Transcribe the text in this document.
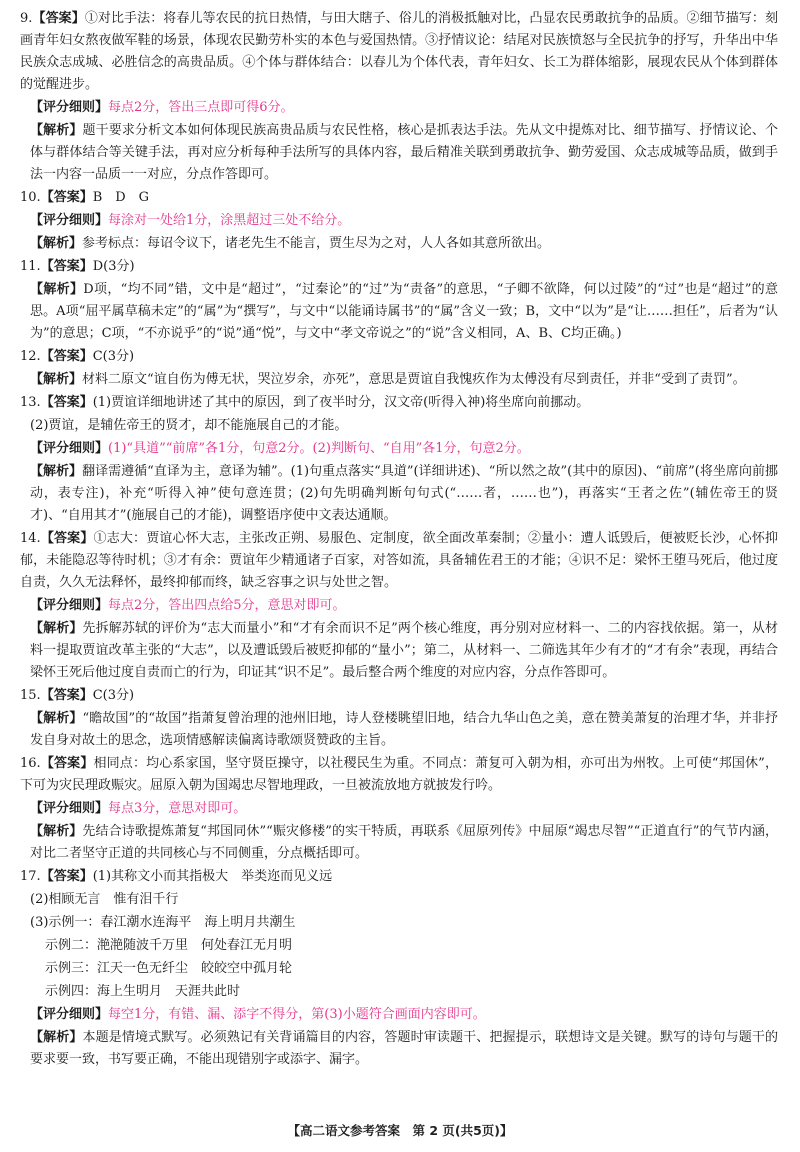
9.【答案】①对比手法：将春儿等农民的抗日热情，与田大瞎子、俗儿的消极抵触对比，凸显农民勇敢抗争的品质。②细节描写：刻画青年妇女熬夜做军鞋的场景，体现农民勤劳朴实的本色与爱国热情。③抒情议论：结尾对民族愤怒与全民抗争的抒写，升华出中华民族众志成城、必胜信念的高贵品质。④个体与群体结合：以春儿为个体代表，青年妇女、长工为群体缩影，展现农民从个体到群体的觉醒进步。

【评分细则】每点2分，答出三点即可得6分。

【解析】题干要求分析文本如何体现民族高贵品质与农民性格，核心是抓表达手法。先从文中提炼对比、细节描写、抒情议论、个体与群体结合等关键手法，再对应分析每种手法所写的具体内容，最后精准关联到勇敢抗争、勤劳爱国、众志成城等品质，做到手法一内容一品质一一对应，分点作答即可。

10.【答案】B　D　G

【评分细则】每涂对一处给1分，涂黑超过三处不给分。

【解析】参考标点：每诏令议下，诸老先生不能言，贾生尽为之对，人人各如其意所欲出。

11.【答案】D(3分)

【解析】D项，“均不同”错，文中是“超过”，“过秦论”的“过”为“责备”的意思，“子卿不欲降，何以过陵”的“过”也是“超过”的意思。A项“屈平属草稿未定”的“属”为“撰写”，与文中“以能诵诗属书”的“属”含义一致；B，文中“以为”是“让……担任”，后者为“认为”的意思；C项，“不亦说乎”的“说”通“悦”，与文中“孝文帝说之”的“说”含义相同，A、B、C均正确。)

12.【答案】C(3分)

【解析】材料二原文“谊自伤为傅无状，哭泣岁余，亦死”，意思是贾谊自我愧疚作为太傅没有尽到责任，并非“受到了责罚”。

13.【答案】(1)贾谊详细地讲述了其中的原因，到了夜半时分，汉文帝(听得入神)将坐席向前挪动。

(2)贾谊，是辅佐帝王的贤才，却不能施展自己的才能。

【评分细则】(1)“具道”“前席”各1分，句意2分。(2)判断句、“自用”各1分，句意2分。

【解析】翻译需遵循“直译为主，意译为辅”。(1)句重点落实“具道”(详细讲述)、“所以然之故”(其中的原因)、“前席”(将坐席向前挪动，表专注)，补充“听得入神”使句意连贯；(2)句先明确判断句句式(“……者，……也”)，再落实“王者之佐”(辅佐帝王的贤才)、“自用其才”(施展自己的才能)，调整语序使中文表达通顺。

14.【答案】①志大：贾谊心怀大志，主张改正朔、易服色、定制度，欲全面改革秦制；②量小：遭人诋毁后，便被贬长沙，心怀抑郁，未能隐忍等待时机；③才有余：贾谊年少精通诸子百家，对答如流，具备辅佐君王的才能；④识不足：梁怀王堕马死后，他过度自责，久久无法释怀，最终抑郁而终，缺乏容事之识与处世之智。

【评分细则】每点2分，答出四点给5分，意思对即可。

【解析】先拆解苏轼的评价为“志大而量小”和“才有余而识不足”两个核心维度，再分别对应材料一、二的内容找依据。第一，从材料一提取贾谊改革主张的“大志”，以及遭诋毁后被贬抑郁的“量小”；第二，从材料一、二筛选其年少有才的“才有余”表现，再结合梁怀王死后他过度自责而亡的行为，印证其“识不足”。最后整合两个维度的对应内容，分点作答即可。

15.【答案】C(3分)

【解析】“瞻故国”的“故国”指萧复曾治理的池州旧地，诗人登楼眺望旧地，结合九华山色之美，意在赞美萧复的治理才华，并非抒发自身对故土的思念，选项情感解读偏离诗歌颂贤赞政的主旨。

16.【答案】相同点：均心系家国，坚守贤臣操守，以社稷民生为重。不同点：萧复可入朝为相，亦可出为州牧。上可使“邦国休”，下可为灾民理政赈灾。屈原入朝为国竭忠尽智地理政，一旦被流放地方就披发行吟。

【评分细则】每点3分，意思对即可。

【解析】先结合诗歌提炼萧复“邦国同休”“赈灾修楼”的实干特质，再联系《屈原列传》中屈原“竭忠尽智”“正道直行”的气节内涵，对比二者坚守正道的共同核心与不同侧重，分点概括即可。

17.【答案】(1)其称文小而其指极大　举类迩而见义远

(2)相顾无言　惟有泪千行

(3)示例一：春江潮水连海平　海上明月共潮生

示例二：滟滟随波千万里　何处春江无月明

示例三：江天一色无纤尘　皎皎空中孤月轮

示例四：海上生明月　天涯共此时

【评分细则】每空1分，有错、漏、添字不得分，第(3)小题符合画面内容即可。

【解析】本题是情境式默写。必须熟记有关背诵篇目的内容，答题时审读题干、把握提示，联想诗文是关键。默写的诗句与题干的要求要一致，书写要正确，不能出现错别字或添字、漏字。

【高二语文参考答案　第 2 页(共5页)】
